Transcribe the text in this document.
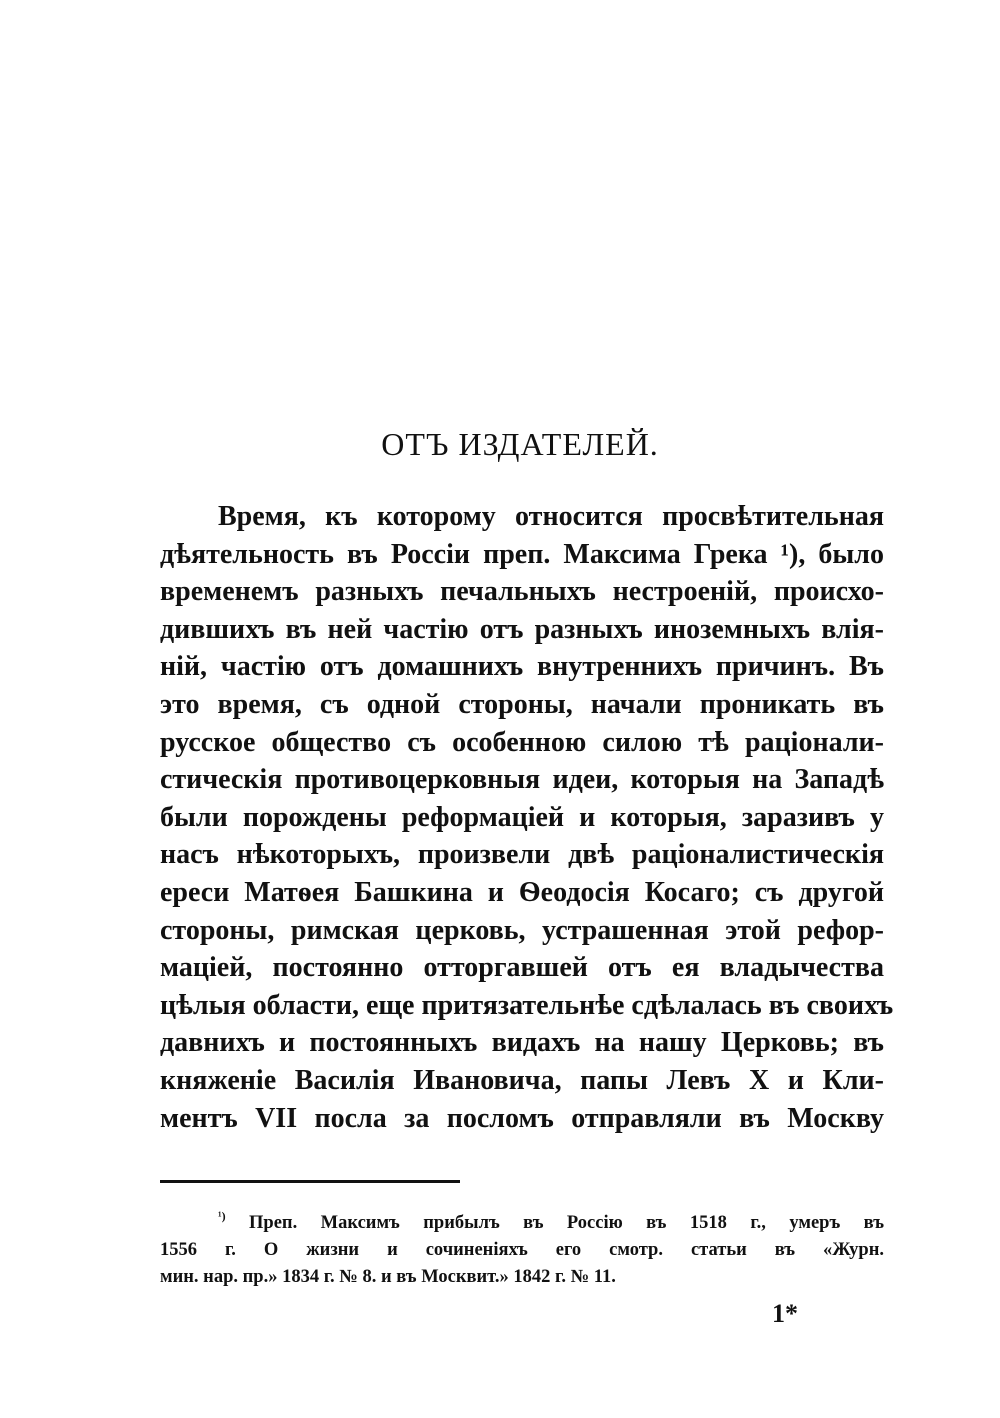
ОТЪ ИЗДАТЕЛЕЙ.
Время, къ которому относится просвѣтительная
дѣятельность въ Россіи преп. Максима Грека ¹), было
временемъ разныхъ печальныхъ нестроеній, происхо-
дившихъ въ ней частію отъ разныхъ иноземныхъ влія-
ній, частію отъ домашнихъ внутреннихъ причинъ. Въ
это время, съ одной стороны, начали проникать въ
русское общество съ особенною силою тѣ раціонали-
стическія противоцерковныя идеи, которыя на Западѣ
были порождены реформаціей и которыя, заразивъ у
насъ нѣкоторыхъ, произвели двѣ раціоналистическія
ереси Матѳея Башкина и Ѳеодосія Косаго; съ другой
стороны, римская церковь, устрашенная этой рефор-
маціей, постоянно отторгавшей отъ ея владычества
цѣлыя области, еще притязательнѣе сдѣлалась въ своихъ
давнихъ и постоянныхъ видахъ на нашу Церковь; въ
княженіе Василія Ивановича, папы Левъ X и Кли-
ментъ VII посла за посломъ отправляли въ Москву
$^{^1)}$ Преп. Максимъ прибылъ въ Россію въ 1518 г., умеръ въ
1556 г. О жизни и сочиненіяхъ его смотр. статьи въ «Журн.
мин. нар. пр.» 1834 г. № 8. и въ Москвит.» 1842 г. № 11.
1*
